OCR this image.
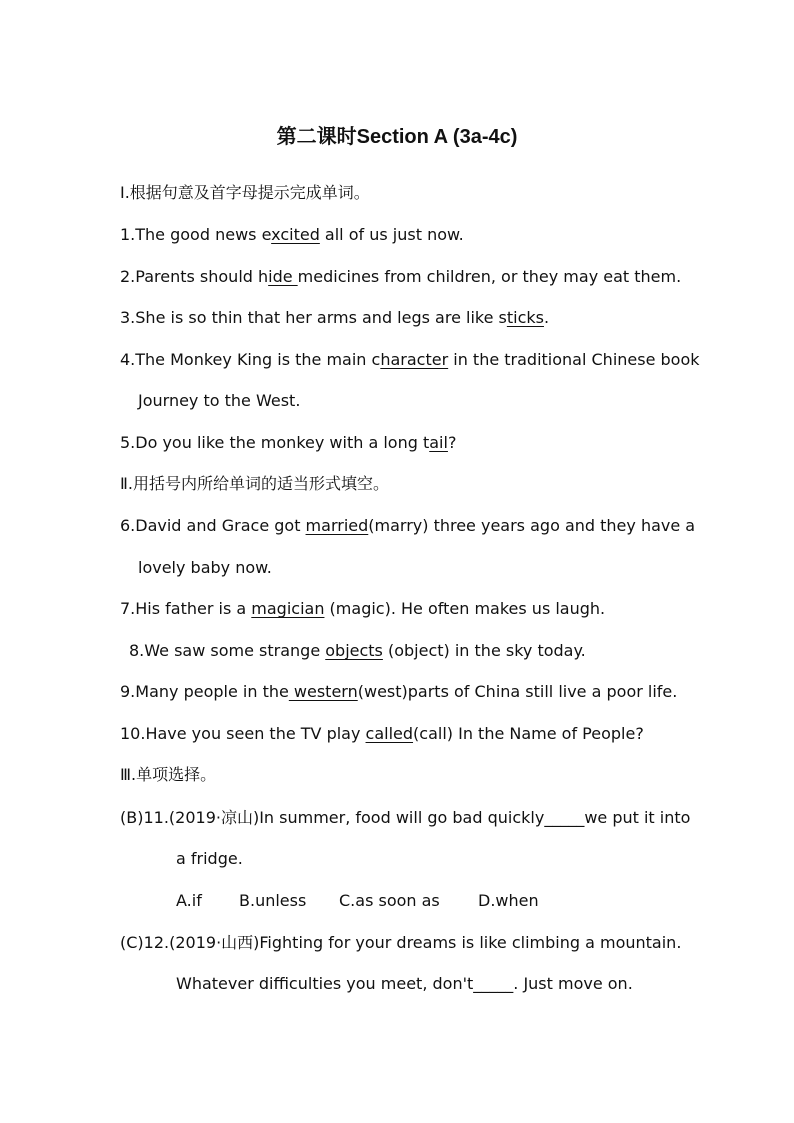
第二课时Section A (3a-4c)
Ⅰ.根据句意及首字母提示完成单词。
1.The good news excited all of us just now.
2.Parents should hide medicines from children, or they may eat them.
3.She is so thin that her arms and legs are like sticks.
4.The Monkey King is the main character in the traditional Chinese book
Journey to the West.
5.Do you like the monkey with a long tail?
Ⅱ.用括号内所给单词的适当形式填空。
6.David and Grace got married(marry) three years ago and they have a
lovely baby now.
7.His father is a magician (magic). He often makes us laugh.
8.We saw some strange objects (object) in the sky today.
9.Many people in the western(west)parts of China still live a poor life.
10.Have you seen the TV play called(call) In the Name of People?
Ⅲ.单项选择。
(B)11.(2019·凉山)In summer, food will go bad quickly_____we put it into
a fridge.
A.if B.unless C.as soon as D.when
(C)12.(2019·山西)Fighting for your dreams is like climbing a mountain.
Whatever difficulties you meet, don't_____. Just move on.
